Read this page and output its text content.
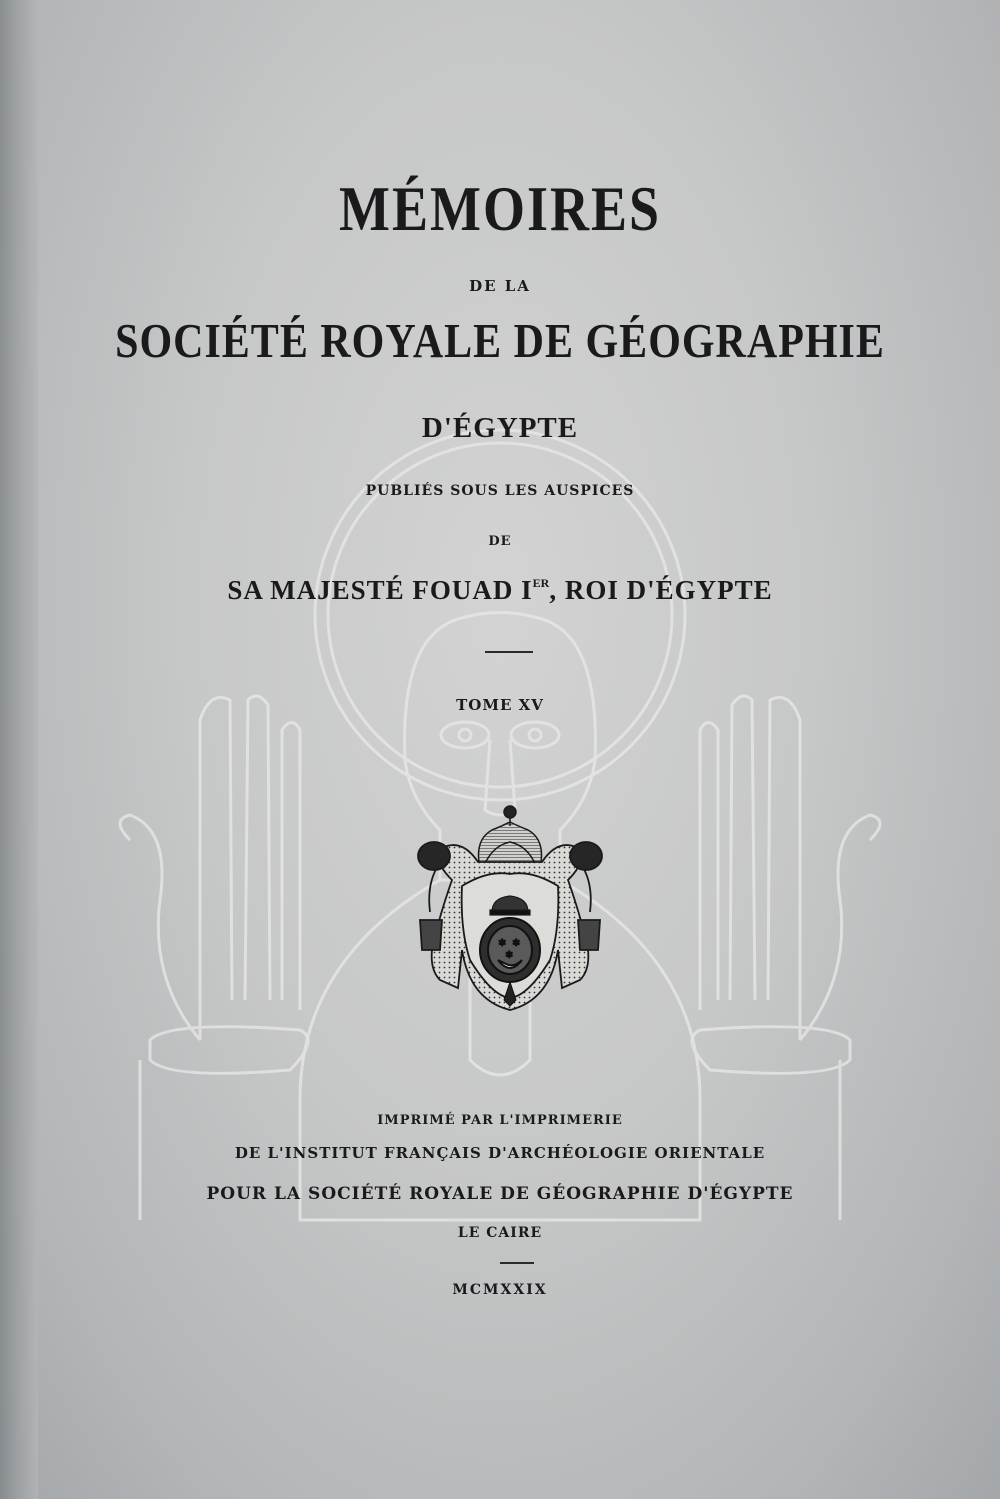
MÉMOIRES
DE LA
SOCIÉTÉ ROYALE DE GÉOGRAPHIE
D'ÉGYPTE
PUBLIÉS SOUS LES AUSPICES
DE
SA MAJESTÉ FOUAD IER, ROI D'ÉGYPTE
TOME XV
✶ ✶
✶
IMPRIMÉ PAR L'IMPRIMERIE
DE L'INSTITUT FRANÇAIS D'ARCHÉOLOGIE ORIENTALE
POUR LA SOCIÉTÉ ROYALE DE GÉOGRAPHIE D'ÉGYPTE
LE CAIRE
MCMXXIX
